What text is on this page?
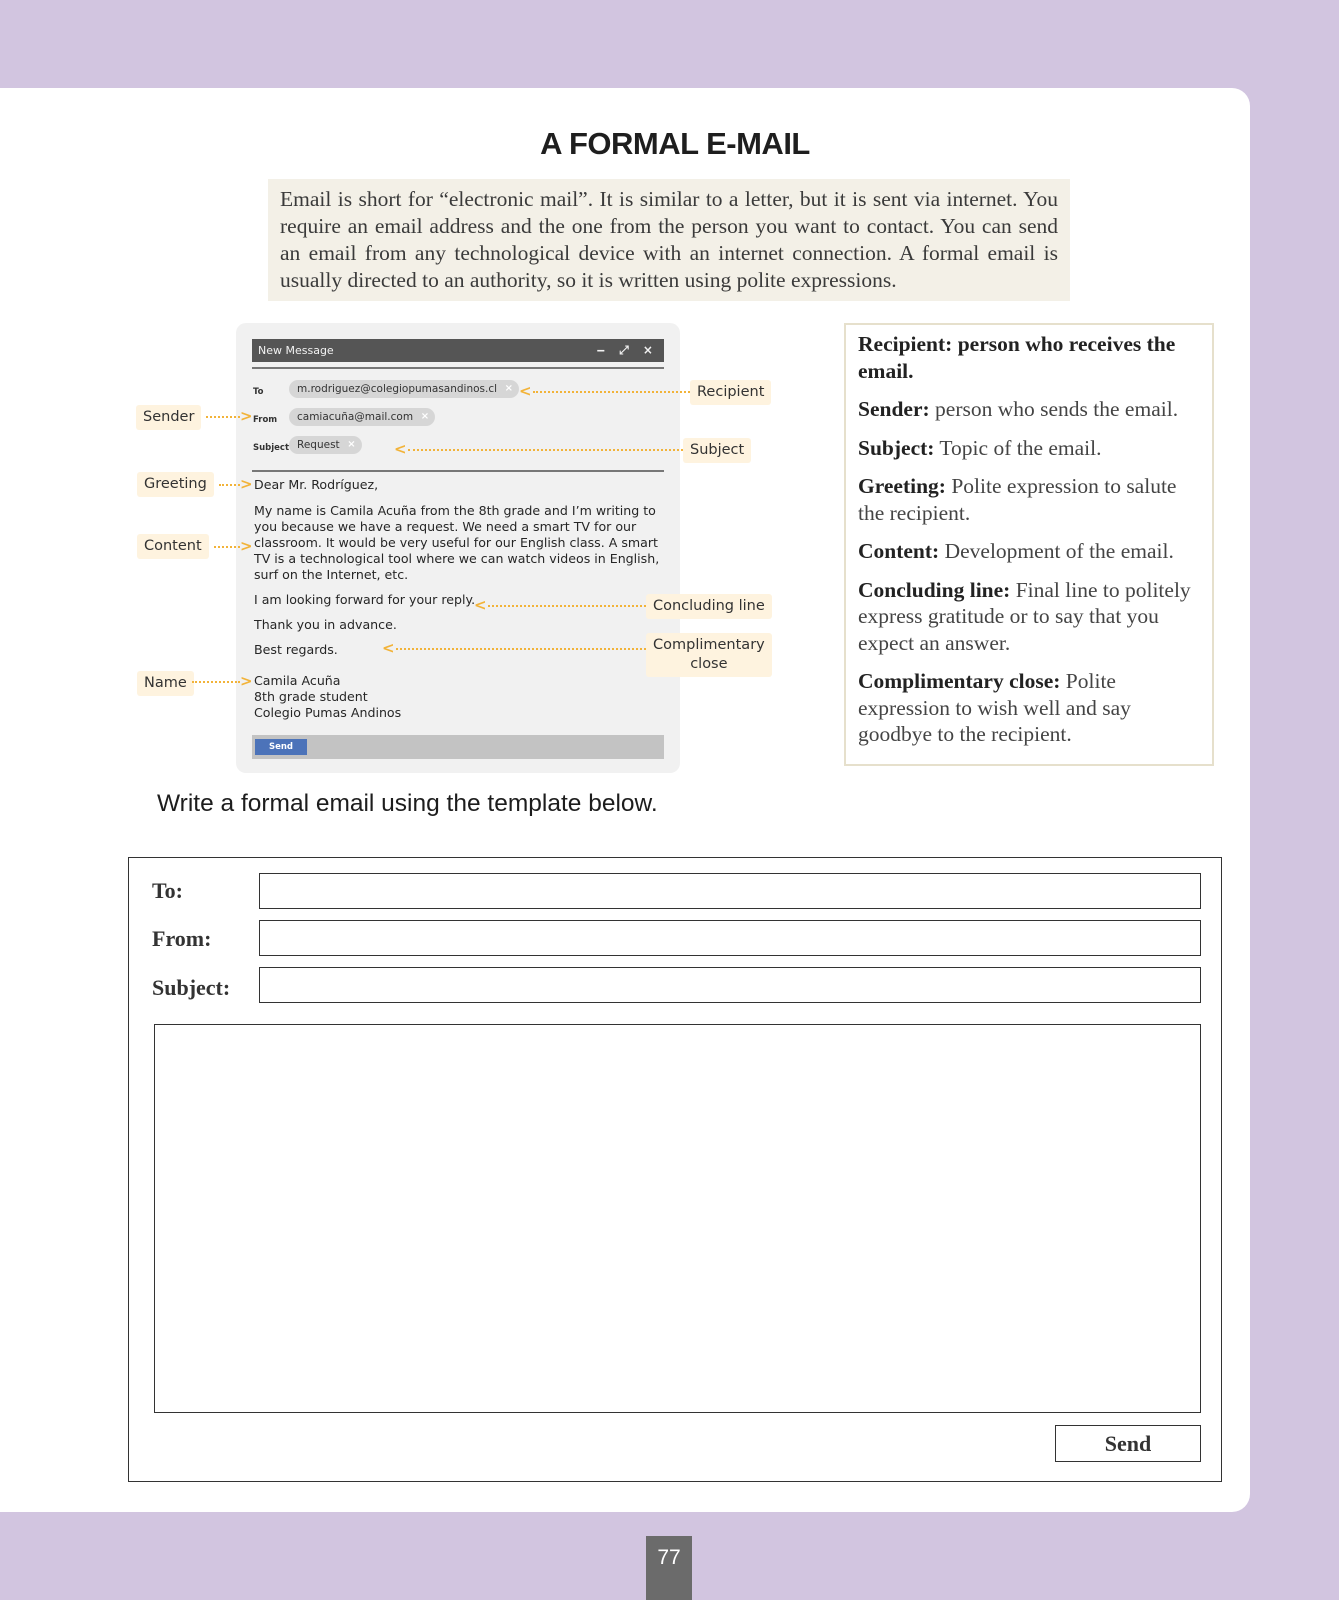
A FORMAL E-MAIL
Email is short for “electronic mail”. It is similar to a letter, but it is sent via internet. You require an email address and the one from the person you want to contact. You can send an email from any technological device with an internet connection. A formal email is usually directed to an authority, so it is written using polite expressions.
New Message	‒ ⤢ ×
To	m.rodriguez@colegiopumasandinos.cl ×
From	camiacuña@mail.com ×
Subject Request ×
Dear Mr. Rodríguez,
My name is Camila Acuña from the 8th grade and I’m writing to
you because we have a request. We need a smart TV for our
classroom. It would be very useful for our English class. A smart
TV is a technological tool where we can watch videos in English,
surf on the Internet, etc.
I am looking forward for your reply.
Thank you in advance.
Best regards.
Camila Acuña
8th grade student
Colegio Pumas Andinos
Send
Sender	>
Greeting	>
Content	>
Name	>
<	Recipient
<	Subject
<	Concluding line
<	Complimentary
close

Recipient: person who receives the email.

Sender: person who sends the email.

Subject: Topic of the email.

Greeting: Polite expression to salute the recipient.

Content: Development of the email.

Concluding line: Final line to politely express gratitude or to say that you expect an answer.

Complimentary close: Polite expression to wish well and say goodbye to the recipient.

Write a formal email using the template below.
To:
From:
Subject:
Send
77
